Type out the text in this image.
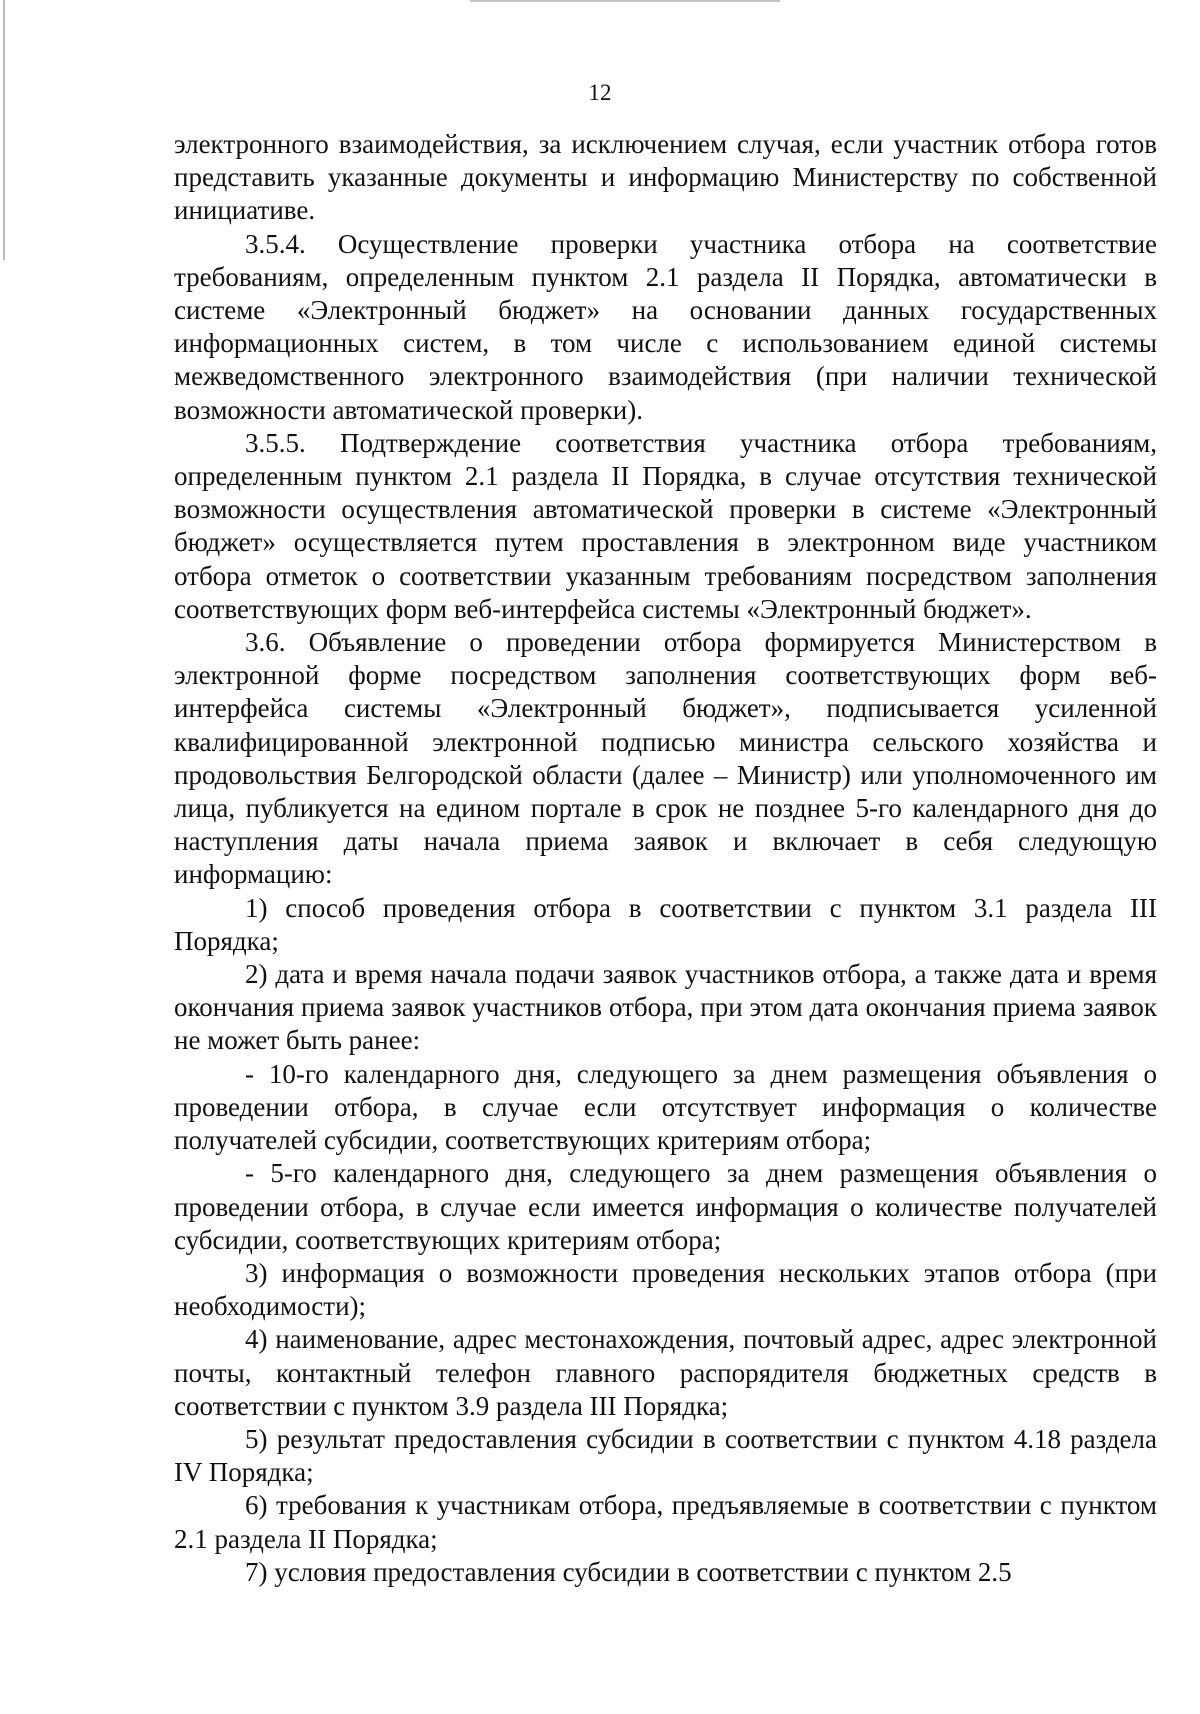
12

электронного взаимодействия, за исключением случая, если участник отбора готов представить указанные документы и информацию Министерству по собственной инициативе.

3.5.4. Осуществление проверки участника отбора на соответствие требованиям, определенным пунктом 2.1 раздела II Порядка, автоматически в системе «Электронный бюджет» на основании данных государственных информационных систем, в том числе с использованием единой системы межведомственного электронного взаимодействия (при наличии технической возможности автоматической проверки).

3.5.5. Подтверждение соответствия участника отбора требованиям, определенным пунктом 2.1 раздела II Порядка, в случае отсутствия технической возможности осуществления автоматической проверки в системе «Электронный бюджет» осуществляется путем проставления в электронном виде участником отбора отметок о соответствии указанным требованиям посредством заполнения соответствующих форм веб-интерфейса системы «Электронный бюджет».

3.6. Объявление о проведении отбора формируется Министерством в электронной форме посредством заполнения соответствующих форм веб-интерфейса системы «Электронный бюджет», подписывается усиленной квалифицированной электронной подписью министра сельского хозяйства и продовольствия Белгородской области (далее – Министр) или уполномоченного им лица, публикуется на едином портале в срок не позднее 5-го календарного дня до наступления даты начала приема заявок и включает в себя следующую информацию:

1) способ проведения отбора в соответствии с пунктом 3.1 раздела III Порядка;

2) дата и время начала подачи заявок участников отбора, а также дата и время окончания приема заявок участников отбора, при этом дата окончания приема заявок не может быть ранее:

- 10-го календарного дня, следующего за днем размещения объявления о проведении отбора, в случае если отсутствует информация о количестве получателей субсидии, соответствующих критериям отбора;

- 5-го календарного дня, следующего за днем размещения объявления о проведении отбора, в случае если имеется информация о количестве получателей субсидии, соответствующих критериям отбора;

3) информация о возможности проведения нескольких этапов отбора (при необходимости);

4) наименование, адрес местонахождения, почтовый адрес, адрес электронной почты, контактный телефон главного распорядителя бюджетных средств в соответствии с пунктом 3.9 раздела III Порядка;

5) результат предоставления субсидии в соответствии с пунктом 4.18 раздела IV Порядка;

6) требования к участникам отбора, предъявляемые в соответствии с пунктом 2.1 раздела II Порядка;

7) условия предоставления субсидии в соответствии с пунктом 2.5
